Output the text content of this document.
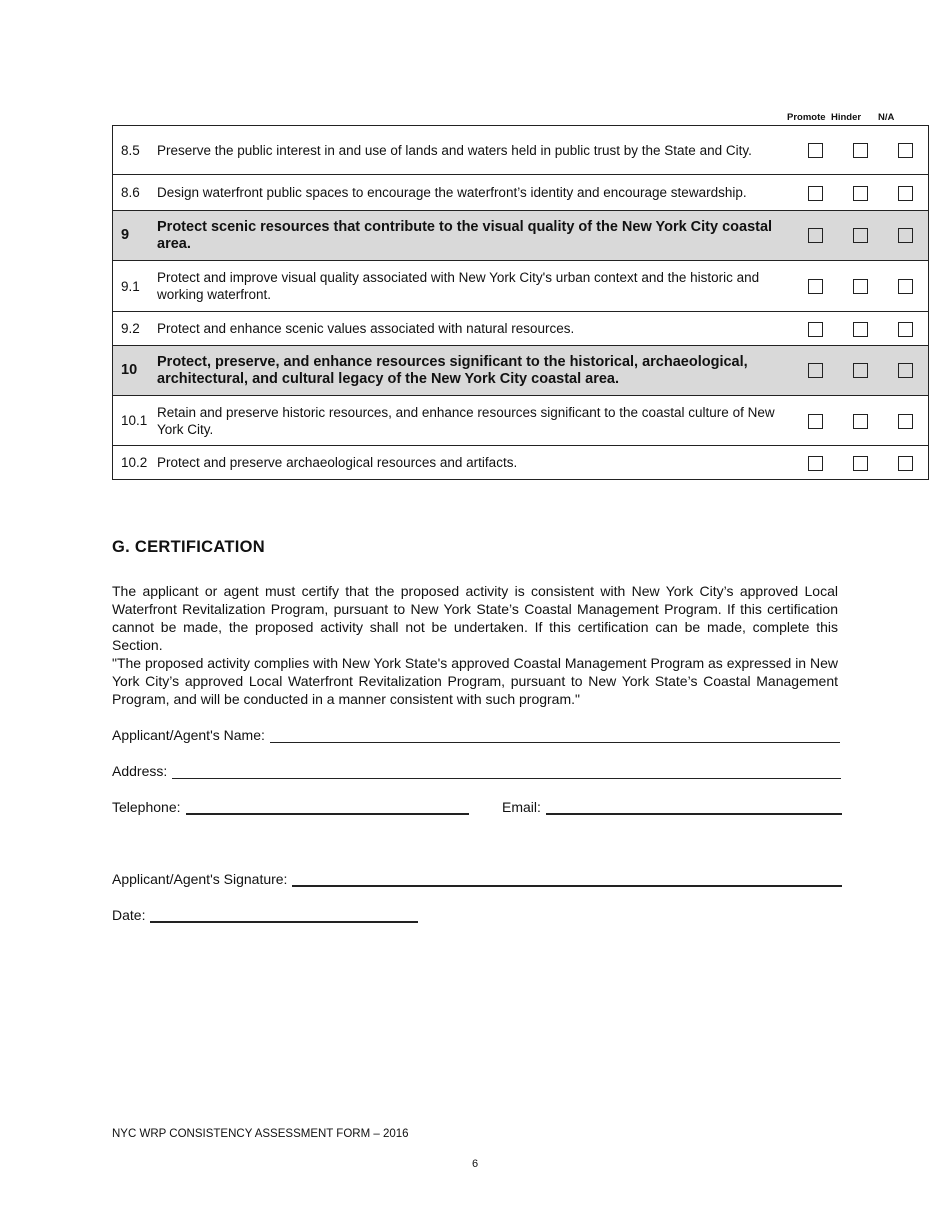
Promote Hinder N/A
8.5	Preserve the public interest in and use of lands and waters held in public trust by the State and City.			
8.6	Design waterfront public spaces to encourage the waterfront’s identity and encourage stewardship.			
9	Protect scenic resources that contribute to the visual quality of the New York City coastal area.			
9.1	Protect and improve visual quality associated with New York City's urban context and the historic and working waterfront.			
9.2	Protect and enhance scenic values associated with natural resources.			
10	Protect, preserve, and enhance resources significant to the historical, archaeological, architectural, and cultural legacy of the New York City coastal area.			
10.1	Retain and preserve historic resources, and enhance resources significant to the coastal culture of New York City.			
10.2	Protect and preserve archaeological resources and artifacts.			
G. CERTIFICATION
The applicant or agent must certify that the proposed activity is consistent with New York City’s approved Local Waterfront Revitalization Program, pursuant to New York State’s Coastal Management Program. If this certification cannot be made, the proposed activity shall not be undertaken. If this certification can be made, complete this Section.
"The proposed activity complies with New York State's approved Coastal Management Program as expressed in New York City’s approved Local Waterfront Revitalization Program, pursuant to New York State’s Coastal Management Program, and will be conducted in a manner consistent with such program."
Applicant/Agent's Name:
Address:
Telephone:	Email:
Applicant/Agent's Signature:
Date:
NYC WRP CONSISTENCY ASSESSMENT FORM – 2016
6
